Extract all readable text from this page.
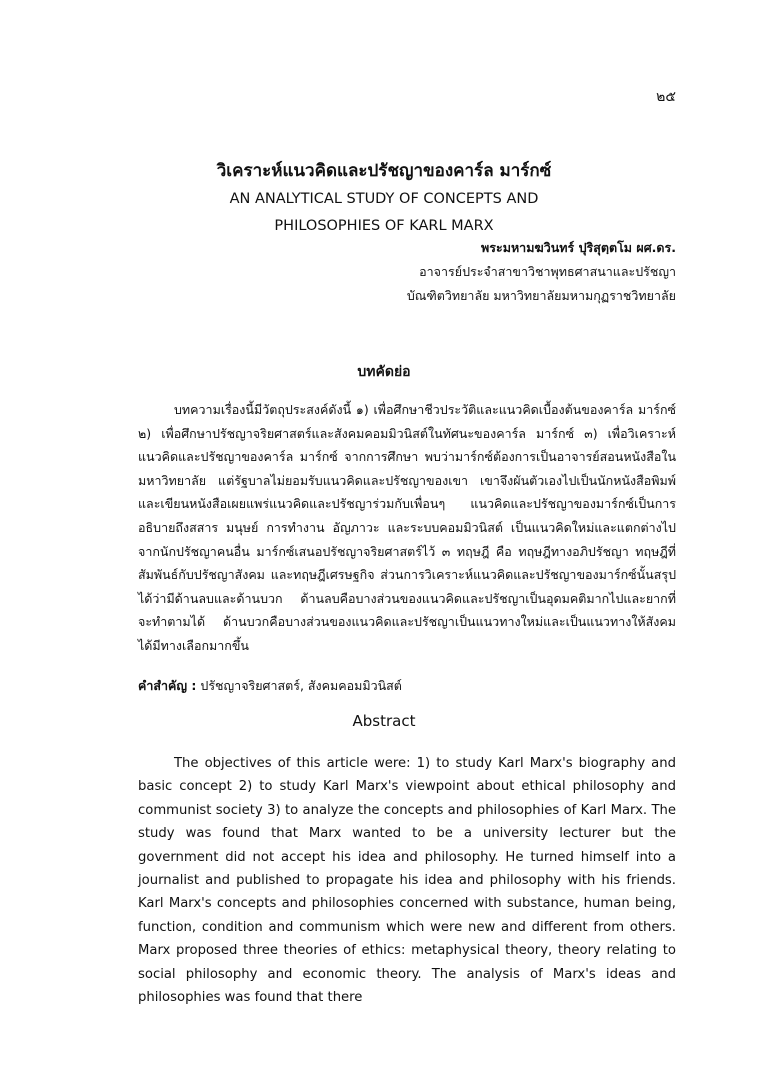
๒๕
วิเคราะห์แนวคิดและปรัชญาของคาร์ล มาร์กซ์
AN ANALYTICAL STUDY OF CONCEPTS AND
PHILOSOPHIES OF KARL MARX
พระมหามฆวินทร์ ปุริสุตฺตโม ผศ.ดร.
อาจารย์ประจำสาขาวิชาพุทธศาสนาและปรัชญา
บัณฑิตวิทยาลัย มหาวิทยาลัยมหามกุฏราชวิทยาลัย
บทคัดย่อ

บทความเรื่องนี้มีวัตถุประสงค์ดังนี้ ๑) เพื่อศึกษาชีวประวัติและแนวคิดเบื้องต้นของคาร์ล มาร์กซ์ ๒) เพื่อศึกษาปรัชญาจริยศาสตร์และสังคมคอมมิวนิสต์ในทัศนะของคาร์ล มาร์กซ์ ๓) เพื่อวิเคราะห์แนวคิดและปรัชญาของคาร์ล มาร์กซ์ จากการศึกษา พบว่ามาร์กซ์ต้องการเป็นอาจารย์สอนหนังสือในมหาวิทยาลัย แต่รัฐบาลไม่ยอมรับแนวคิดและปรัชญาของเขา เขาจึงผันตัวเองไปเป็นนักหนังสือพิมพ์และเขียนหนังสือเผยแพร่แนวคิดและปรัชญาร่วมกับเพื่อนๆ แนวคิดและปรัชญาของมาร์กซ์เป็นการอธิบายถึงสสาร มนุษย์ การทำงาน อัญภาวะ และระบบคอมมิวนิสต์ เป็นแนวคิดใหม่และแตกต่างไปจากนักปรัชญาคนอื่น มาร์กซ์เสนอปรัชญาจริยศาสตร์ไว้ ๓ ทฤษฎี คือ ทฤษฎีทางอภิปรัชญา ทฤษฎีที่สัมพันธ์กับปรัชญาสังคม และทฤษฎีเศรษฐกิจ ส่วนการวิเคราะห์แนวคิดและปรัชญาของมาร์กซ์นั้นสรุปได้ว่ามีด้านลบและด้านบวก ด้านลบคือบางส่วนของแนวคิดและปรัชญาเป็นอุดมคติมากไปและยากที่จะทำตามได้ ด้านบวกคือบางส่วนของแนวคิดและปรัชญาเป็นแนวทางใหม่และเป็นแนวทางให้สังคมได้มีทางเลือกมากขึ้น

คำสำคัญ : ปรัชญาจริยศาสตร์, สังคมคอมมิวนิสต์
Abstract

The objectives of this article were: 1) to study Karl Marx's biography and basic concept 2) to study Karl Marx's viewpoint about ethical philosophy and communist society 3) to analyze the concepts and philosophies of Karl Marx. The study was found that Marx wanted to be a university lecturer but the government did not accept his idea and philosophy. He turned himself into a journalist and published to propagate his idea and philosophy with his friends. Karl Marx's concepts and philosophies concerned with substance, human being, function, condition and communism which were new and different from others. Marx proposed three theories of ethics: metaphysical theory, theory relating to social philosophy and economic theory. The analysis of Marx's ideas and philosophies was found that there
